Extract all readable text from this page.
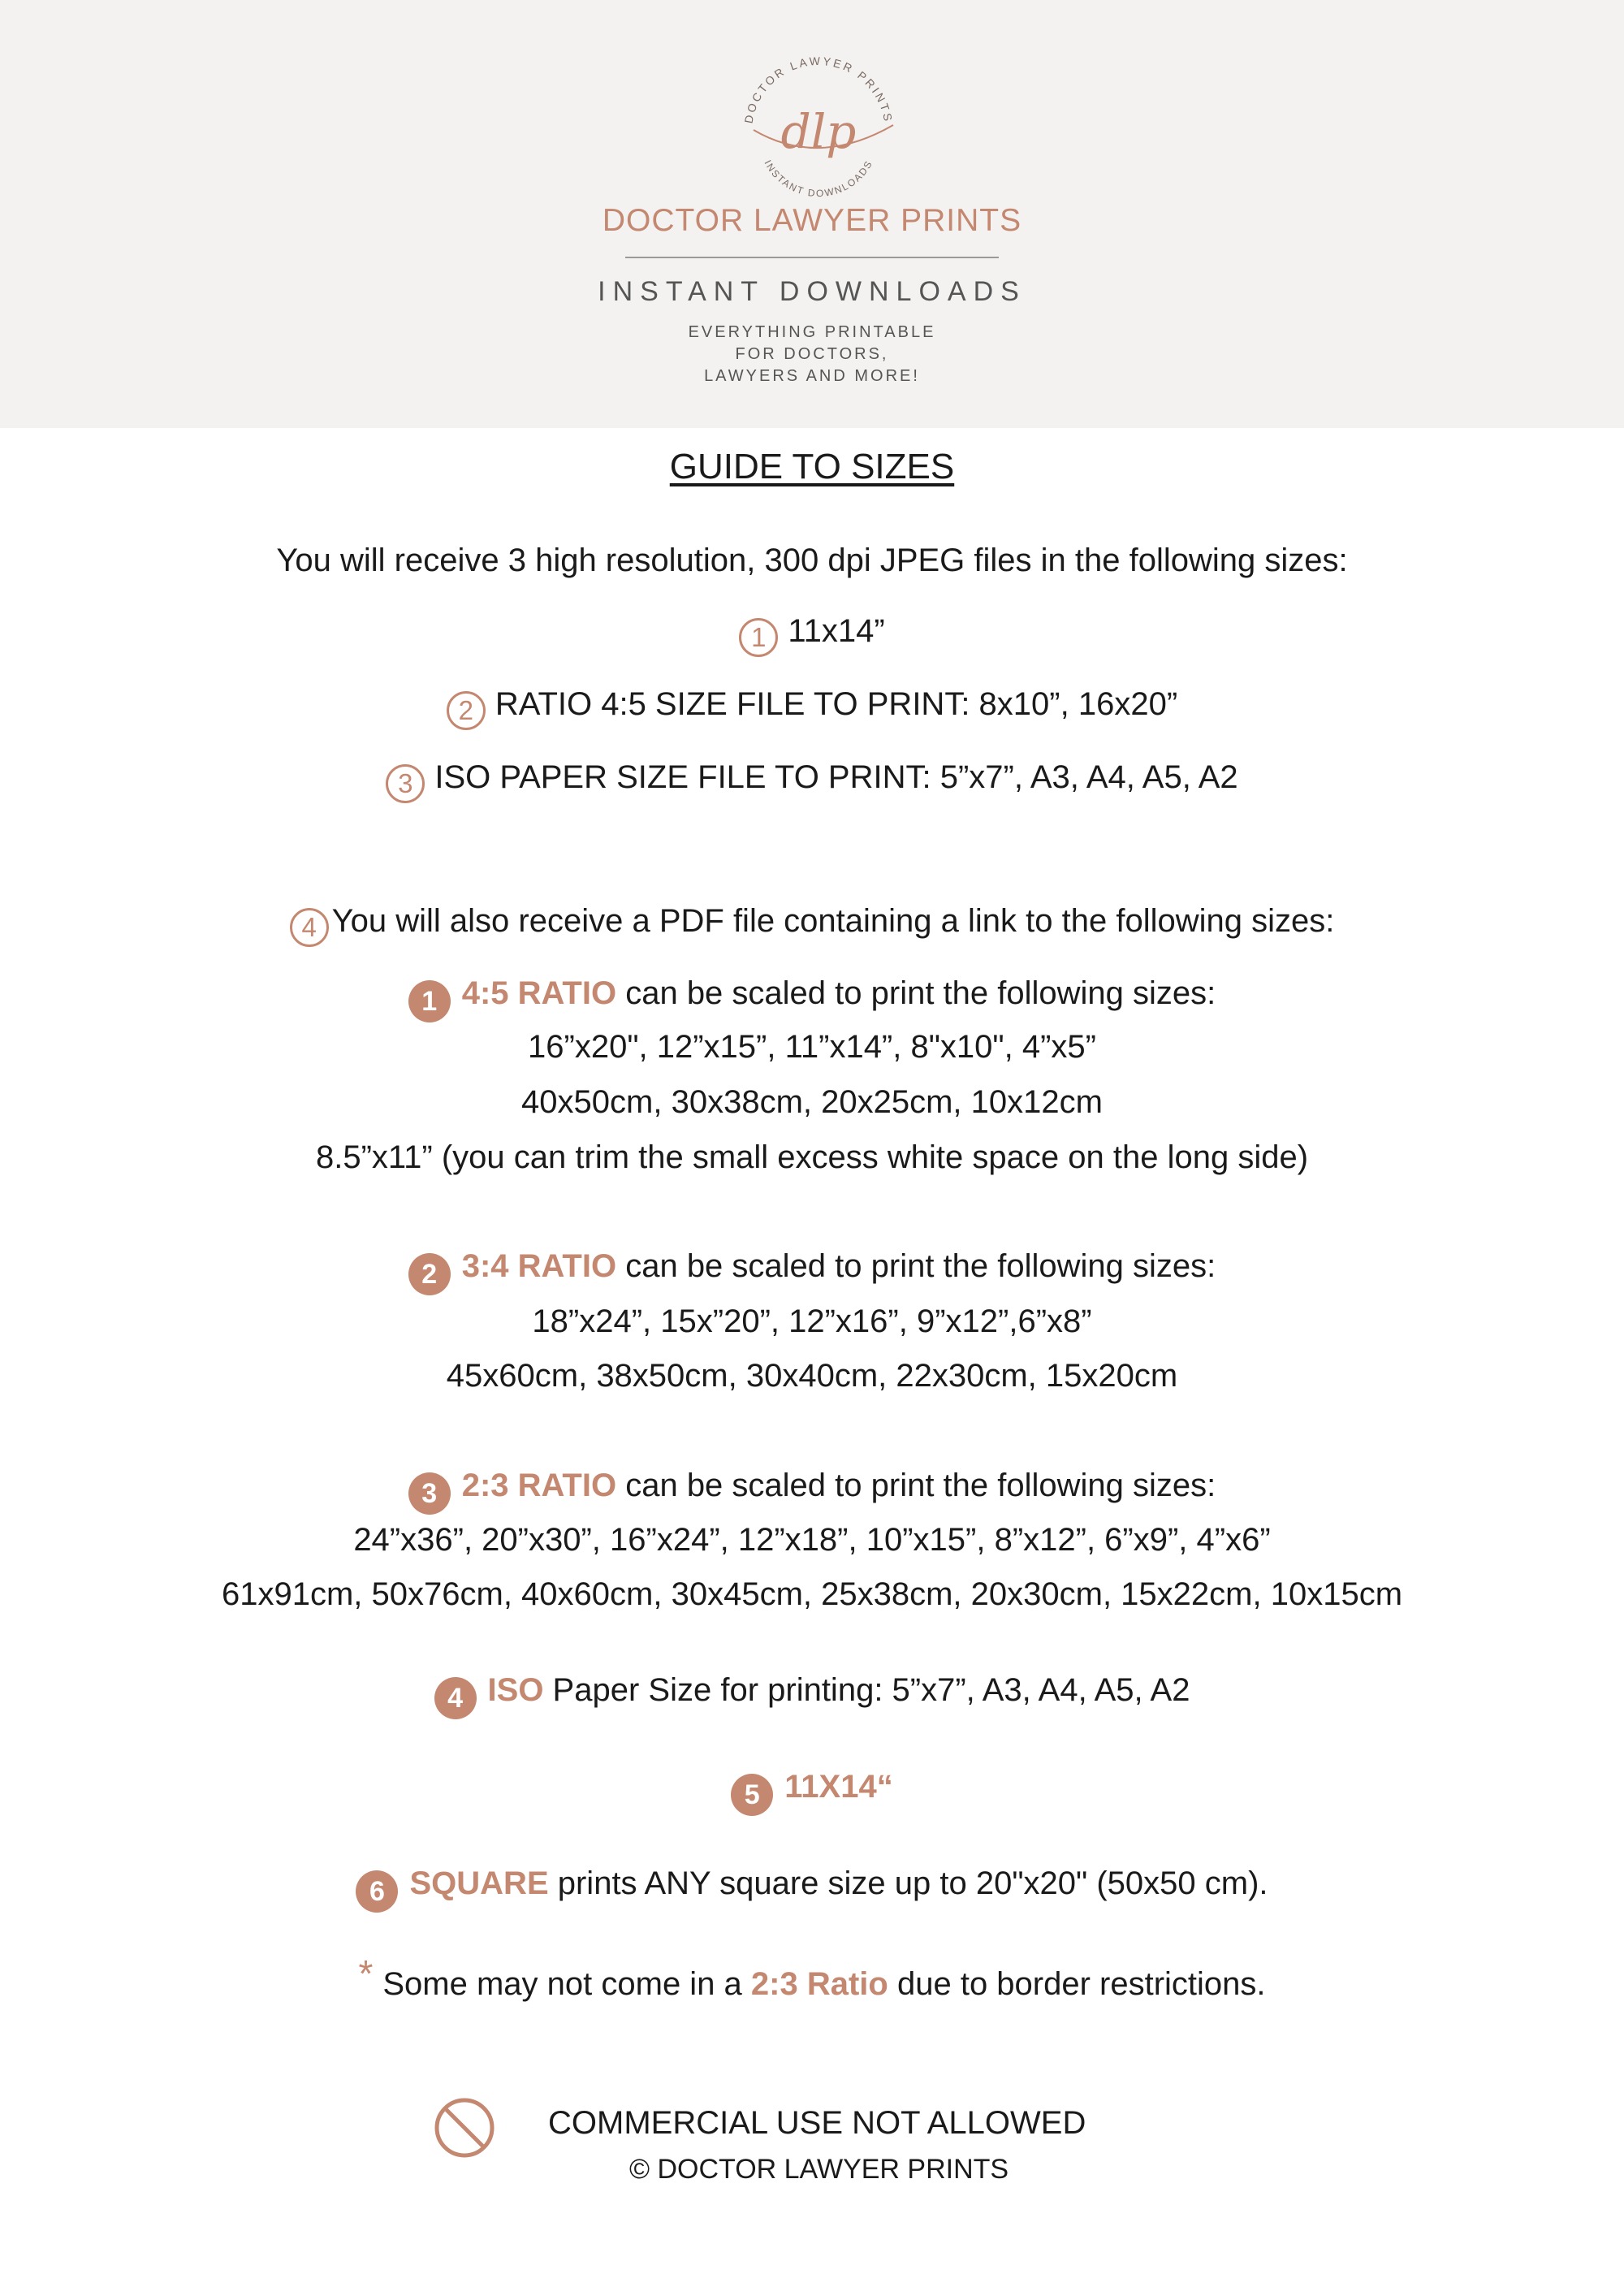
DOCTOR LAWYER PRINTS
INSTANT DOWNLOADS
dlp
DOCTOR LAWYER PRINTS
INSTANT DOWNLOADS
EVERYTHING PRINTABLE
FOR DOCTORS,
LAWYERS AND MORE!
GUIDE TO SIZES
You will receive 3 high resolution, 300 dpi JPEG files in the following sizes:
1 11x14”
2 RATIO 4:5 SIZE FILE TO PRINT: 8x10”, 16x20”
3 ISO PAPER SIZE FILE TO PRINT: 5”x7”, A3, A4, A5, A2
4 You will also receive a PDF file containing a link to the following sizes:
1 4:5 RATIO can be scaled to print the following sizes:
16”x20", 12”x15”, 11”x14”, 8"x10", 4”x5”
40x50cm, 30x38cm, 20x25cm, 10x12cm
8.5”x11” (you can trim the small excess white space on the long side)
2 3:4 RATIO can be scaled to print the following sizes:
18”x24”, 15x”20”, 12”x16”, 9”x12”,6”x8”
45x60cm, 38x50cm, 30x40cm, 22x30cm, 15x20cm
3 2:3 RATIO can be scaled to print the following sizes:
24”x36”, 20”x30”, 16”x24”, 12”x18”, 10”x15”, 8”x12”, 6”x9”, 4”x6”
61x91cm, 50x76cm, 40x60cm, 30x45cm, 25x38cm, 20x30cm, 15x22cm, 10x15cm
4 ISO Paper Size for printing: 5”x7”, A3, A4, A5, A2
5 11X14“
6 SQUARE prints ANY square size up to 20"x20" (50x50 cm).
* Some may not come in a 2:3 Ratio due to border restrictions.
COMMERCIAL USE NOT ALLOWED
© DOCTOR LAWYER PRINTS
